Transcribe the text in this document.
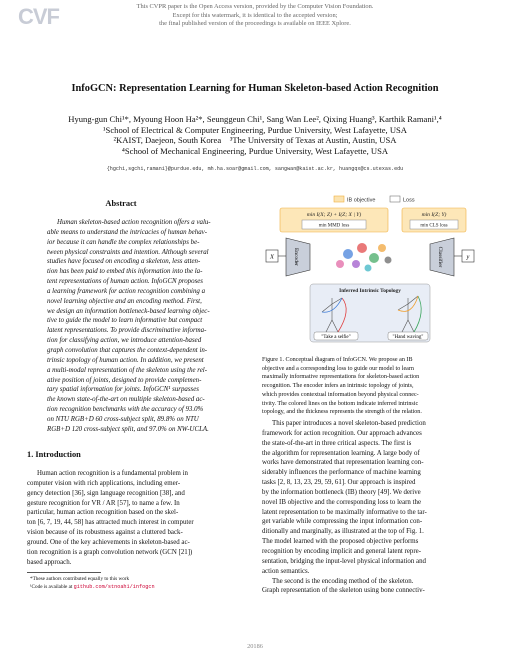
CVF	This CVPR paper is the Open Access version, provided by the Computer Vision Foundation.
Except for this watermark, it is identical to the accepted version;
the final published version of the proceedings is available on IEEE Xplore.
InfoGCN: Representation Learning for Human Skeleton-based Action Recognition
Hyung-gun Chi¹*, Myoung Hoon Ha²*, Seunggeun Chi¹, Sang Wan Lee², Qixing Huang³, Karthik Ramani¹,⁴
¹School of Electrical & Computer Engineering, Purdue University, West Lafayette, USA
²KAIST, Daejeon, South Korea    ³The University of Texas at Austin, Austin, USA
⁴School of Mechanical Engineering, Purdue University, West Lafayette, USA
{hgchi,sgchi,ramani}@purdue.edu, mh.ha.soar@gmail.com, sangwan@kaist.ac.kr, huangqx@cs.utexas.edu
Abstract
Human skeleton-based action recognition offers a valu-
able means to understand the intricacies of human behav-
ior because it can handle the complex relationships be-
tween physical constraints and intention. Although several
studies have focused on encoding a skeleton, less atten-
tion has been paid to embed this information into the la-
tent representations of human action. InfoGCN proposes
a learning framework for action recognition combining a
novel learning objective and an encoding method. First,
we design an information bottleneck-based learning objec-
tive to guide the model to learn informative but compact
latent representations. To provide discriminative informa-
tion for classifying action, we introduce attention-based
graph convolution that captures the context-dependent in-
trinsic topology of human action. In addition, we present
a multi-modal representation of the skeleton using the rel-
ative position of joints, designed to provide complemen-
tary spatial information for joints. InfoGCN¹ surpasses
the known state-of-the-art on multiple skeleton-based ac-
tion recognition benchmarks with the accuracy of 93.0%
on NTU RGB+D 60 cross-subject split, 89.8% on NTU
RGB+D 120 cross-subject split, and 97.0% on NW-UCLA.
1. Introduction
Human action recognition is a fundamental problem in
computer vision with rich applications, including emer-
gency detection [36], sign language recognition [38], and
gesture recognition for VR / AR [57], to name a few. In
particular, human action recognition based on the skel-
ton [6, 7, 19, 44, 58] has attracted much interest in computer
vision because of its robustness against a cluttered back-
ground. One of the key achievements in skeleton-based ac-
tion recognition is a graph convolution network (GCN [21])
based approach.
*These authors contributed equally to this work
¹Code is available at github.com/stnoah1/infogcn
IB objective	Loss
min I(X; Z) + I(Z; X | Y)
min MMD loss
min I(Z; Y)
min CLS loss
X	Encoder	Classifier	y
Inferred Intrinsic Topology
"Take a selfie"	"Hand waving"
Figure 1. Conceptual diagram of InfoGCN. We propose an IB
objective and a corresponding loss to guide our model to learn
maximally informative representations for skeleton-based action
recognition. The encoder infers an intrinsic topology of joints,
which provides contextual information beyond physical connec-
tivity. The colored lines on the bottom indicate inferred intrinsic
topology, and the thickness represents the strength of the relation.
This paper introduces a novel skeleton-based prediction
framework for action recognition. Our approach advances
the state-of-the-art in three critical aspects. The first is
the algorithm for representation learning. A large body of
works have demonstrated that representation learning con-
siderably influences the performance of machine learning
tasks [2, 8, 13, 23, 29, 59, 61]. Our approach is inspired
by the information bottleneck (IB) theory [49]. We derive
novel IB objective and the corresponding loss to learn the
latent representation to be maximally informative to the tar-
get variable while compressing the input information con-
ditionally and marginally, as illustrated at the top of Fig. 1.
The model learned with the proposed objective performs
recognition by encoding implicit and general latent repre-
sentation, bridging the input-level physical information and
action semantics.
The second is the encoding method of the skeleton.
Graph representation of the skeleton using bone connectiv-
20186
